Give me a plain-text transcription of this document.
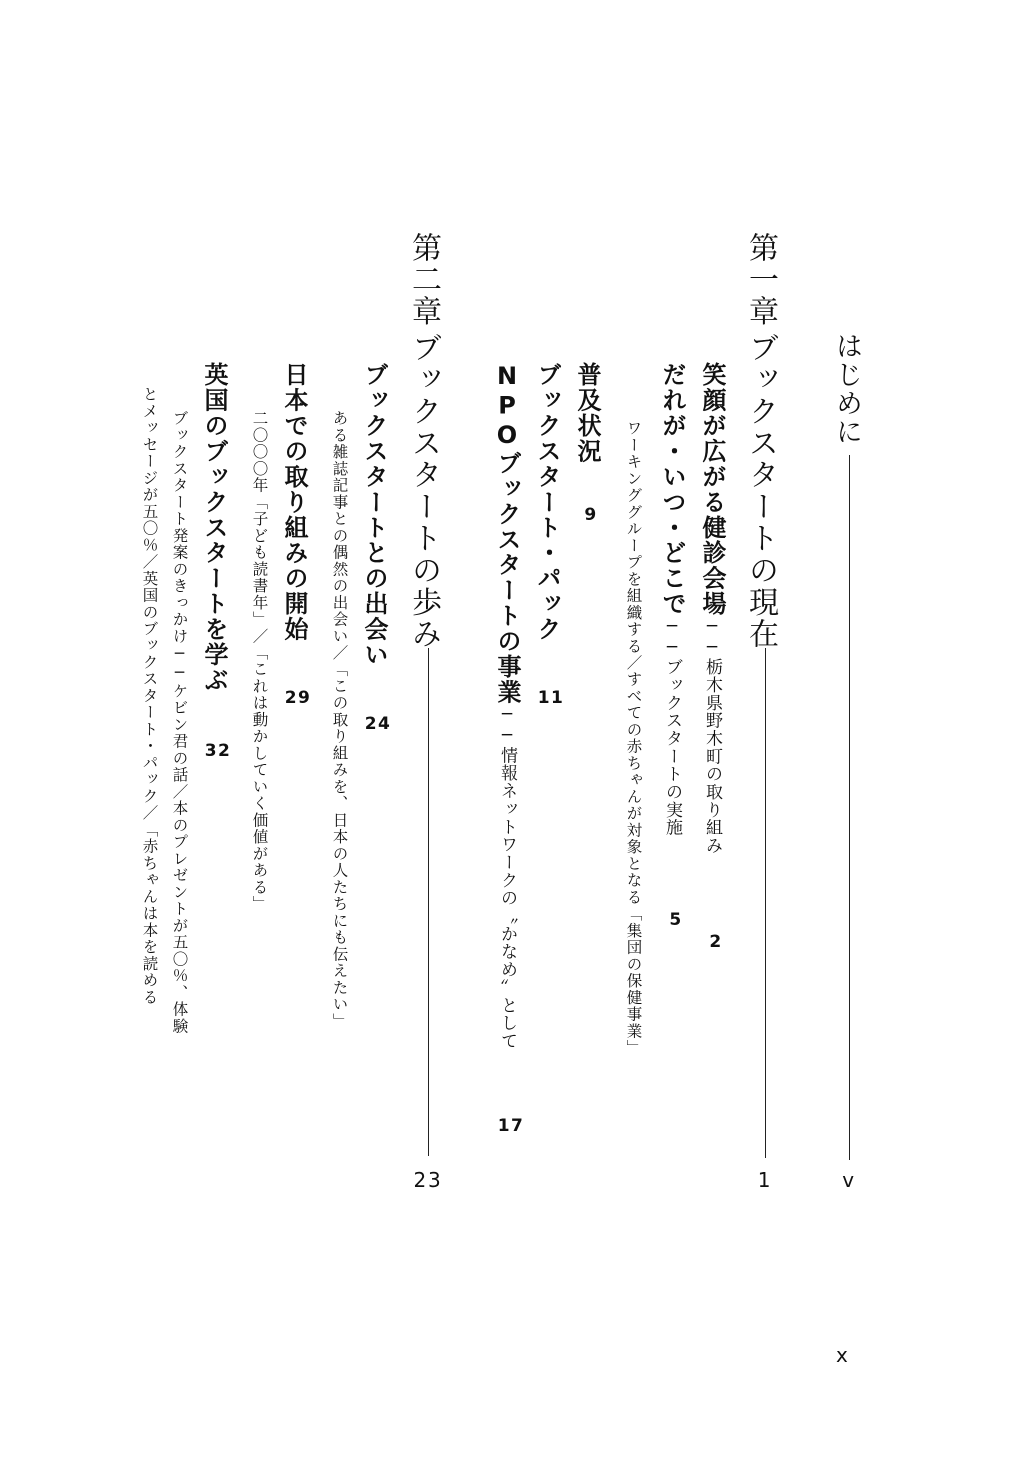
はじめに
v
第一章
ブックスタートの現在
1
笑顔が広がる健診会場──栃木県野木町の取り組み
2
だれが・いつ・どこで──ブックスタートの実施
5
ワーキンググループを組織する／すべての赤ちゃんが対象となる「集団の保健事業」
普及状況
9
ブックスタート・パック
11
NPOブックスタートの事業──情報ネットワークの〝かなめ〟として
17
第二章
ブックスタートの歩み
23
ブックスタートとの出会い
24
ある雑誌記事との偶然の出会い／「この取り組みを、日本の人たちにも伝えたい」
日本での取り組みの開始
29
二〇〇〇年「子ども読書年」／「これは動かしていく価値がある」
英国のブックスタートを学ぶ
32
ブックスタート発案のきっかけ──ケビン君の話／本のプレゼントが五〇％、体験
とメッセージが五〇％／英国のブックスタート・パック／「赤ちゃんは本を読める
x
